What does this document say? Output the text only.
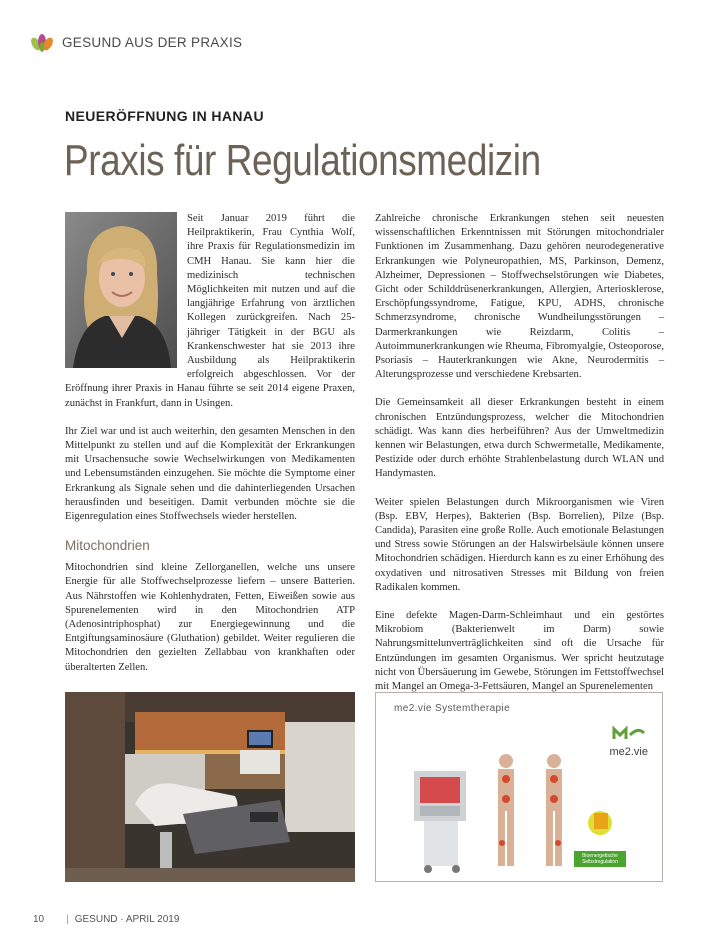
GESUND AUS DER PRAXIS
NEUERÖFFNUNG IN HANAU
Praxis für Regulationsmedizin

Seit Januar 2019 führt die Heilpraktikerin, Frau Cynthia Wolf, ihre Praxis für Regulationsmedizin im CMH Hanau. Sie kann hier die medizinisch technischen Möglichkeiten mit nutzen und auf die langjährige Erfahrung von ärztlichen Kollegen zurückgreifen. Nach 25-jähriger Tätigkeit in der BGU als Krankenschwester hat sie 2013 ihre Ausbildung als Heilpraktikerin erfolgreich abgeschlossen. Vor der Eröffnung ihrer Praxis in Hanau führte se seit 2014 eigene Praxen, zunächst in Frankfurt, dann in Usingen.

Ihr Ziel war und ist auch weiterhin, den gesamten Menschen in den Mittelpunkt zu stellen und auf die Komplexität der Erkrankungen mit Ursachensuche sowie Wechselwirkungen von Medikamenten und Lebensumständen einzugehen. Sie möchte die Symptome einer Erkrankung als Signale sehen und die dahinterliegenden Ursachen herausfinden und beseitigen. Damit verbunden möchte sie die Eigenregulation eines Stoffwechsels wieder herstellen.

Mitochondrien

Mitochondrien sind kleine Zellorganellen, welche uns unsere Energie für alle Stoffwechselprozesse liefern – unsere Batterien. Aus Nährstoffen wie Kohlenhydraten, Fetten, Eiweißen sowie aus Spurenelementen wird in den Mitochondrien ATP (Adenosintriphosphat) zur Energiegewinnung und die Entgiftungsaminosäure (Gluthation) gebildet. Weiter regulieren die Mitochondrien den gezielten Zellabbau von krankhaften oder überalterten Zellen.

Zahlreiche chronische Erkrankungen stehen seit neuesten wissenschaftlichen Erkenntnissen mit Störungen mitochondrialer Funktionen im Zusammenhang. Dazu gehören neurodegenerative Erkrankungen wie Polyneuropathien, MS, Parkinson, Demenz, Alzheimer, Depressionen – Stoffwechselstörungen wie Diabetes, Gicht oder Schilddrüsenerkrankungen, Allergien, Arteriosklerose, Erschöpfungssyndrome, Fatigue, KPU, ADHS, chronische Schmerzsyndrome, chronische Wundheilungsstörungen – Darmerkrankungen wie Reizdarm, Colitis – Autoimmunerkrankungen wie Rheuma, Fibromyalgie, Osteoporose, Psoriasis – Hauterkrankungen wie Akne, Neurodermitis – Alterungsprozesse und verschiedene Krebsarten.

Die Gemeinsamkeit all dieser Erkrankungen besteht in einem chronischen Entzündungsprozess, welcher die Mitochondrien schädigt. Was kann dies herbeiführen? Aus der Umweltmedizin kennen wir Belastungen, etwa durch Schwermetalle, Medikamente, Pestizide oder durch erhöhte Strahlenbelastung durch WLAN und Handymasten.

Weiter spielen Belastungen durch Mikroorganismen wie Viren (Bsp. EBV, Herpes), Bakterien (Bsp. Borrelien), Pilze (Bsp. Candida), Parasiten eine große Rolle. Auch emotionale Belastungen und Stress sowie Störungen an der Halswirbelsäule können unsere Mitochondrien schädigen. Hierdurch kann es zu einer Erhöhung des oxydativen und nitrosativen Stresses mit Bildung von freien Radikalen kommen.

Eine defekte Magen-Darm-Schleimhaut und ein gestörtes Mikrobiom (Bakterienwelt im Darm) sowie Nahrungsmittelunverträglichkeiten sind oft die Ursache für Entzündungen im gesamten Organismus. Wer spricht heutzutage nicht von Übersäuerung im Gewebe, Störungen im Fettstoffwechsel mit Mangel an Omega-3-Fettsäuren, Mangel an Spurenelementen

me2.vie Systemtherapie
me2.vie
Bioenergetische Selbstregulation
10 | GESUND · APRIL 2019
